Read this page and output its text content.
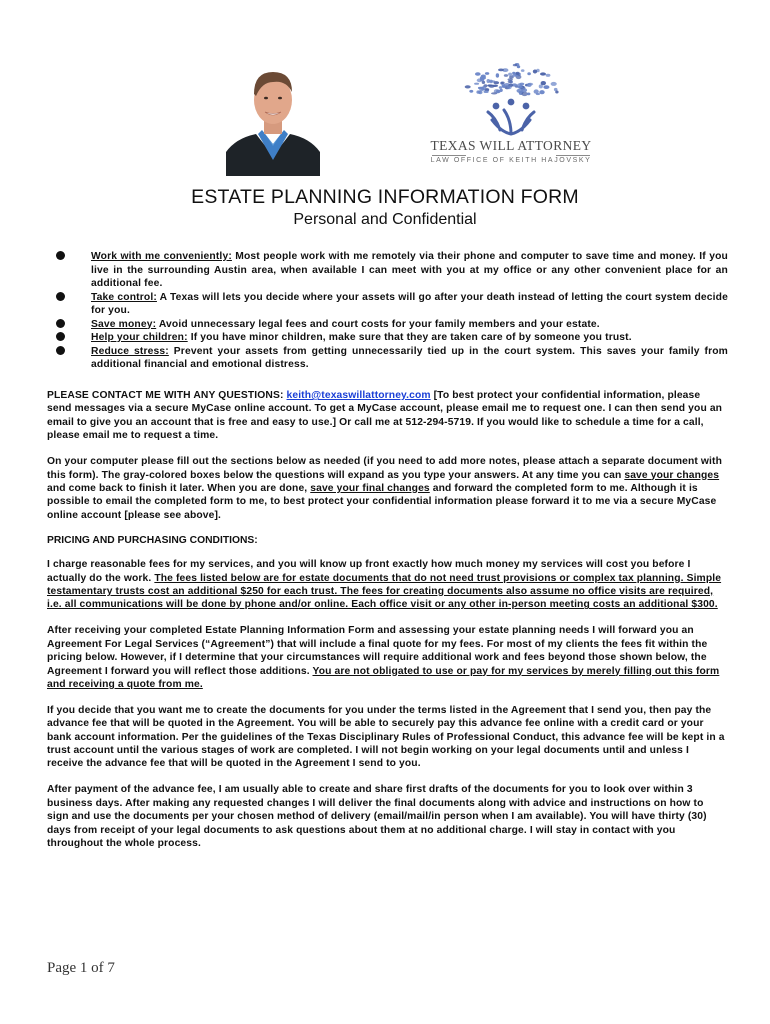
TEXAS WILL ATTORNEY
LAW OFFICE OF KEITH HAJOVSKY
ESTATE PLANNING INFORMATION FORM
Personal and Confidential
Work with me conveniently: Most people work with me remotely via their phone and computer to save time and money. If you live in the surrounding Austin area, when available I can meet with you at my office or any other convenient place for an additional fee.
Take control: A Texas will lets you decide where your assets will go after your death instead of letting the court system decide for you.
Save money: Avoid unnecessary legal fees and court costs for your family members and your estate.
Help your children: If you have minor children, make sure that they are taken care of by someone you trust.
Reduce stress: Prevent your assets from getting unnecessarily tied up in the court system. This saves your family from additional financial and emotional distress.

PLEASE CONTACT ME WITH ANY QUESTIONS: keith@texaswillattorney.com [To best protect your confidential information, please send messages via a secure MyCase online account. To get a MyCase account, please email me to request one. I can then send you an email to give you an account that is free and easy to use.] Or call me at 512-294-5719. If you would like to schedule a time for a call, please email me to request a time.

On your computer please fill out the sections below as needed (if you need to add more notes, please attach a separate document with this form). The gray-colored boxes below the questions will expand as you type your answers. At any time you can save your changes and come back to finish it later. When you are done, save your final changes and forward the completed form to me. Although it is possible to email the completed form to me, to best protect your confidential information please forward it to me via a secure MyCase online account [please see above].

PRICING AND PURCHASING CONDITIONS:

I charge reasonable fees for my services, and you will know up front exactly how much money my services will cost you before I actually do the work. The fees listed below are for estate documents that do not need trust provisions or complex tax planning. Simple testamentary trusts cost an additional $250 for each trust. The fees for creating documents also assume no office visits are required, i.e. all communications will be done by phone and/or online. Each office visit or any other in-person meeting costs an additional $300.

After receiving your completed Estate Planning Information Form and assessing your estate planning needs I will forward you an Agreement For Legal Services (“Agreement”) that will include a final quote for my fees. For most of my clients the fees fit within the pricing below. However, if I determine that your circumstances will require additional work and fees beyond those shown below, the Agreement I forward you will reflect those additions. You are not obligated to use or pay for my services by merely filling out this form and receiving a quote from me.

If you decide that you want me to create the documents for you under the terms listed in the Agreement that I send you, then pay the advance fee that will be quoted in the Agreement. You will be able to securely pay this advance fee online with a credit card or your bank account information. Per the guidelines of the Texas Disciplinary Rules of Professional Conduct, this advance fee will be kept in a trust account until the various stages of work are completed. I will not begin working on your legal documents until and unless I receive the advance fee that will be quoted in the Agreement I send to you.

After payment of the advance fee, I am usually able to create and share first drafts of the documents for you to look over within 3 business days. After making any requested changes I will deliver the final documents along with advice and instructions on how to sign and use the documents per your chosen method of delivery (email/mail/in person when I am available). You will have thirty (30) days from receipt of your legal documents to ask questions about them at no additional charge. I will stay in contact with you throughout the whole process.

Page 1 of 7
